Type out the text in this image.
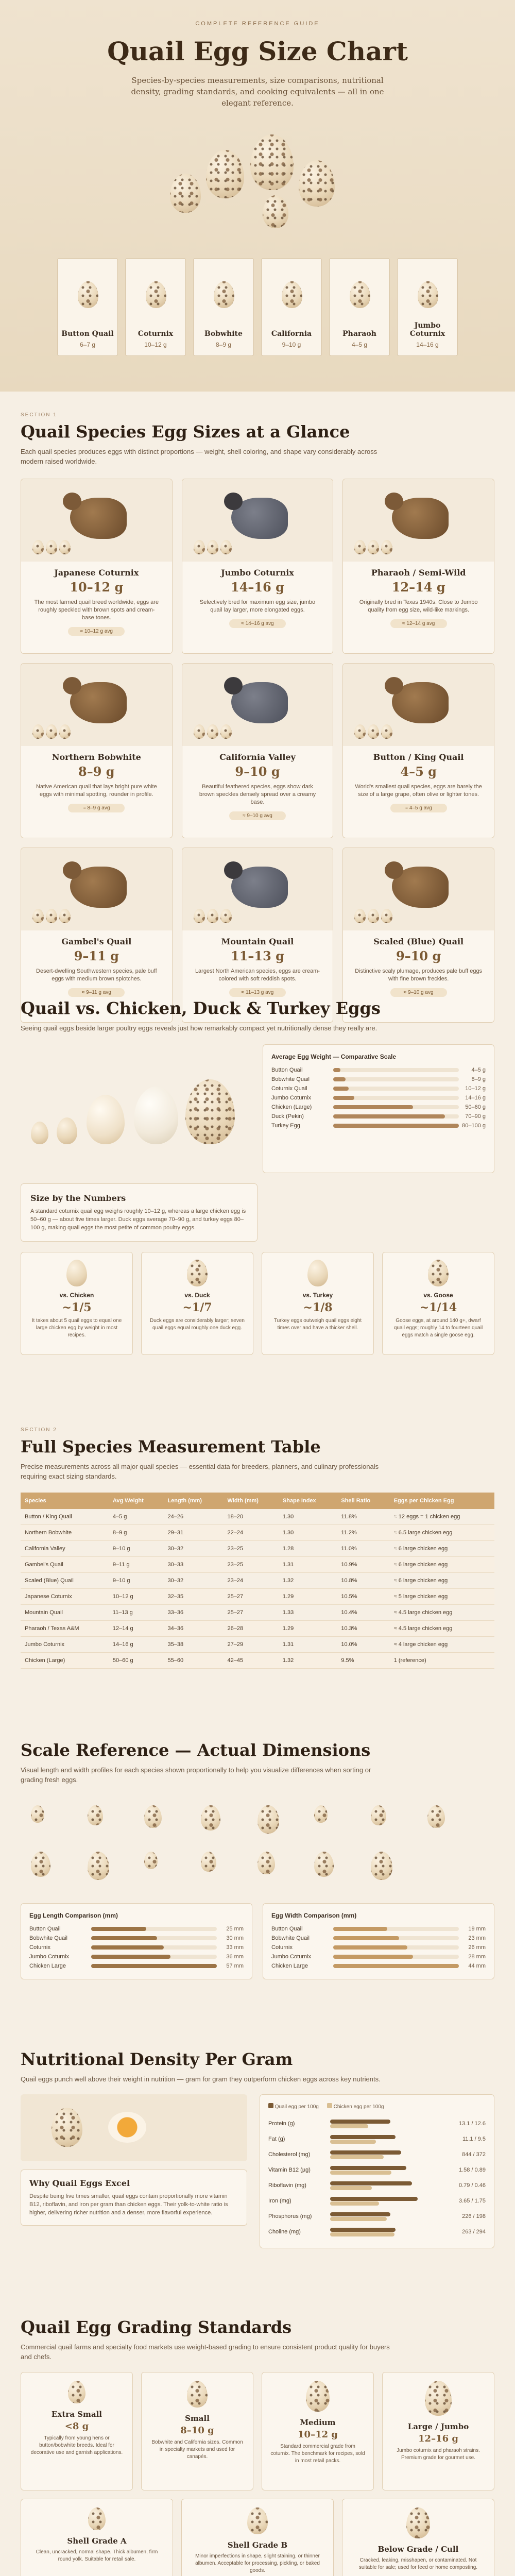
COMPLETE REFERENCE GUIDE
Quail Egg Size Chart
Species-by-species measurements, size comparisons, nutritional density, grading standards, and cooking equivalents — all in one elegant reference.
Button Quail
6–7 g
Coturnix
10–12 g
Bobwhite
8–9 g
California
9–10 g
Pharaoh
4–5 g
Jumbo Coturnix
14–16 g
SECTION 1
Quail Species Egg Sizes at a Glance
Each quail species produces eggs with distinct proportions — weight, shell coloring, and shape vary considerably across modern raised worldwide.
Japanese Coturnix
10–12 g
The most farmed quail breed worldwide, eggs are roughly speckled with brown spots and cream-base tones.
≈ 10–12 g avg
Jumbo Coturnix
14–16 g
Selectively bred for maximum egg size, jumbo quail lay larger, more elongated eggs.
≈ 14–16 g avg
Pharaoh / Semi-Wild
12–14 g
Originally bred in Texas 1940s. Close to Jumbo quality from egg size, wild-like markings.
≈ 12–14 g avg
Northern Bobwhite
8–9 g
Native American quail that lays bright pure white eggs with minimal spotting, rounder in profile.
≈ 8–9 g avg
California Valley
9–10 g
Beautiful feathered species, eggs show dark brown speckles densely spread over a creamy base.
≈ 9–10 g avg
Button / King Quail
4–5 g
World's smallest quail species, eggs are barely the size of a large grape, often olive or lighter tones.
≈ 4–5 g avg
Gambel's Quail
9–11 g
Desert-dwelling Southwestern species, pale buff eggs with medium brown splotches.
≈ 9–11 g avg
Mountain Quail
11–13 g
Largest North American species, eggs are cream-colored with soft reddish spots.
≈ 11–13 g avg
Scaled (Blue) Quail
9–10 g
Distinctive scaly plumage, produces pale buff eggs with fine brown freckles.
≈ 9–10 g avg
Quail vs. Chicken, Duck & Turkey Eggs
Seeing quail eggs beside larger poultry eggs reveals just how remarkably compact yet nutritionally dense they really are.
Average Egg Weight — Comparative Scale
Button Quail	4–5 g
Bobwhite Quail	8–9 g
Coturnix Quail	10–12 g
Jumbo Coturnix	14–16 g
Chicken (Large)	50–60 g
Duck (Pekin)	70–90 g
Turkey Egg	80–100 g
Size by the Numbers
A standard coturnix quail egg weighs roughly 10–12 g, whereas a large chicken egg is 50–60 g — about five times larger. Duck eggs average 70–90 g, and turkey eggs 80–100 g, making quail eggs the most petite of common poultry eggs.
vs. Chicken
~1/5
It takes about 5 quail eggs to equal one large chicken egg by weight in most recipes.
vs. Duck
~1/7
Duck eggs are considerably larger; seven quail eggs equal roughly one duck egg.
vs. Turkey
~1/8
Turkey eggs outweigh quail eggs eight times over and have a thicker shell.
vs. Goose
~1/14
Goose eggs, at around 140 g+, dwarf quail eggs; roughly 14 to fourteen quail eggs match a single goose egg.
SECTION 2
Full Species Measurement Table
Precise measurements across all major quail species — essential data for breeders, planners, and culinary professionals requiring exact sizing standards.
Species	Avg Weight	Length (mm)	Width (mm)	Shape Index	Shell Ratio	Eggs per Chicken Egg
Button / King Quail	4–5 g	24–26	18–20	1.30	11.8%	≈ 12 eggs = 1 chicken egg
Northern Bobwhite	8–9 g	29–31	22–24	1.30	11.2%	≈ 6.5 large chicken egg
California Valley	9–10 g	30–32	23–25	1.28	11.0%	≈ 6 large chicken egg
Gambel's Quail	9–11 g	30–33	23–25	1.31	10.9%	≈ 6 large chicken egg
Scaled (Blue) Quail	9–10 g	30–32	23–24	1.32	10.8%	≈ 6 large chicken egg
Japanese Coturnix	10–12 g	32–35	25–27	1.29	10.5%	≈ 5 large chicken egg
Mountain Quail	11–13 g	33–36	25–27	1.33	10.4%	≈ 4.5 large chicken egg
Pharaoh / Texas A&M	12–14 g	34–36	26–28	1.29	10.3%	≈ 4.5 large chicken egg
Jumbo Coturnix	14–16 g	35–38	27–29	1.31	10.0%	≈ 4 large chicken egg
Chicken (Large)	50–60 g	55–60	42–45	1.32	9.5%	1 (reference)
Scale Reference — Actual Dimensions
Visual length and width profiles for each species shown proportionally to help you visualize differences when sorting or grading fresh eggs.
Egg Length Comparison (mm)
Button Quail	25 mm
Bobwhite Quail	30 mm
Coturnix	33 mm
Jumbo Coturnix	36 mm
Chicken Large	57 mm
Egg Width Comparison (mm)
Button Quail	19 mm
Bobwhite Quail	23 mm
Coturnix	26 mm
Jumbo Coturnix	28 mm
Chicken Large	44 mm
Nutritional Density Per Gram
Quail eggs punch well above their weight in nutrition — gram for gram they outperform chicken eggs across key nutrients.
Why Quail Eggs Excel
Despite being five times smaller, quail eggs contain proportionally more vitamin B12, riboflavin, and iron per gram than chicken eggs. Their yolk-to-white ratio is higher, delivering richer nutrition and a denser, more flavorful experience.
Quail egg per 100g	Chicken egg per 100g
Protein (g)	13.1 / 12.6
Fat (g)	11.1 / 9.5
Cholesterol (mg)	844 / 372
Vitamin B12 (µg)	1.58 / 0.89
Riboflavin (mg)	0.79 / 0.46
Iron (mg)	3.65 / 1.75
Phosphorus (mg)	226 / 198
Choline (mg)	263 / 294
Quail Egg Grading Standards
Commercial quail farms and specialty food markets use weight-based grading to ensure consistent product quality for buyers and chefs.
Extra Small
<8 g
Typically from young hens or button/bobwhite breeds. Ideal for decorative use and garnish applications.
Small
8–10 g
Bobwhite and California sizes. Common in specialty markets and used for canapés.
Medium
10–12 g
Standard commercial grade from coturnix. The benchmark for recipes, sold in most retail packs.
Large / Jumbo
12–16 g
Jumbo coturnix and pharaoh strains. Premium grade for gourmet use.
Shell Grade A
Clean, uncracked, normal shape. Thick albumen, firm round yolk. Suitable for retail sale.
Shell Grade B
Minor imperfections in shape, slight staining, or thinner albumen. Acceptable for processing, pickling, or baked goods.
Below Grade / Cull
Cracked, leaking, misshapen, or contaminated. Not suitable for sale; used for feed or home composting.
